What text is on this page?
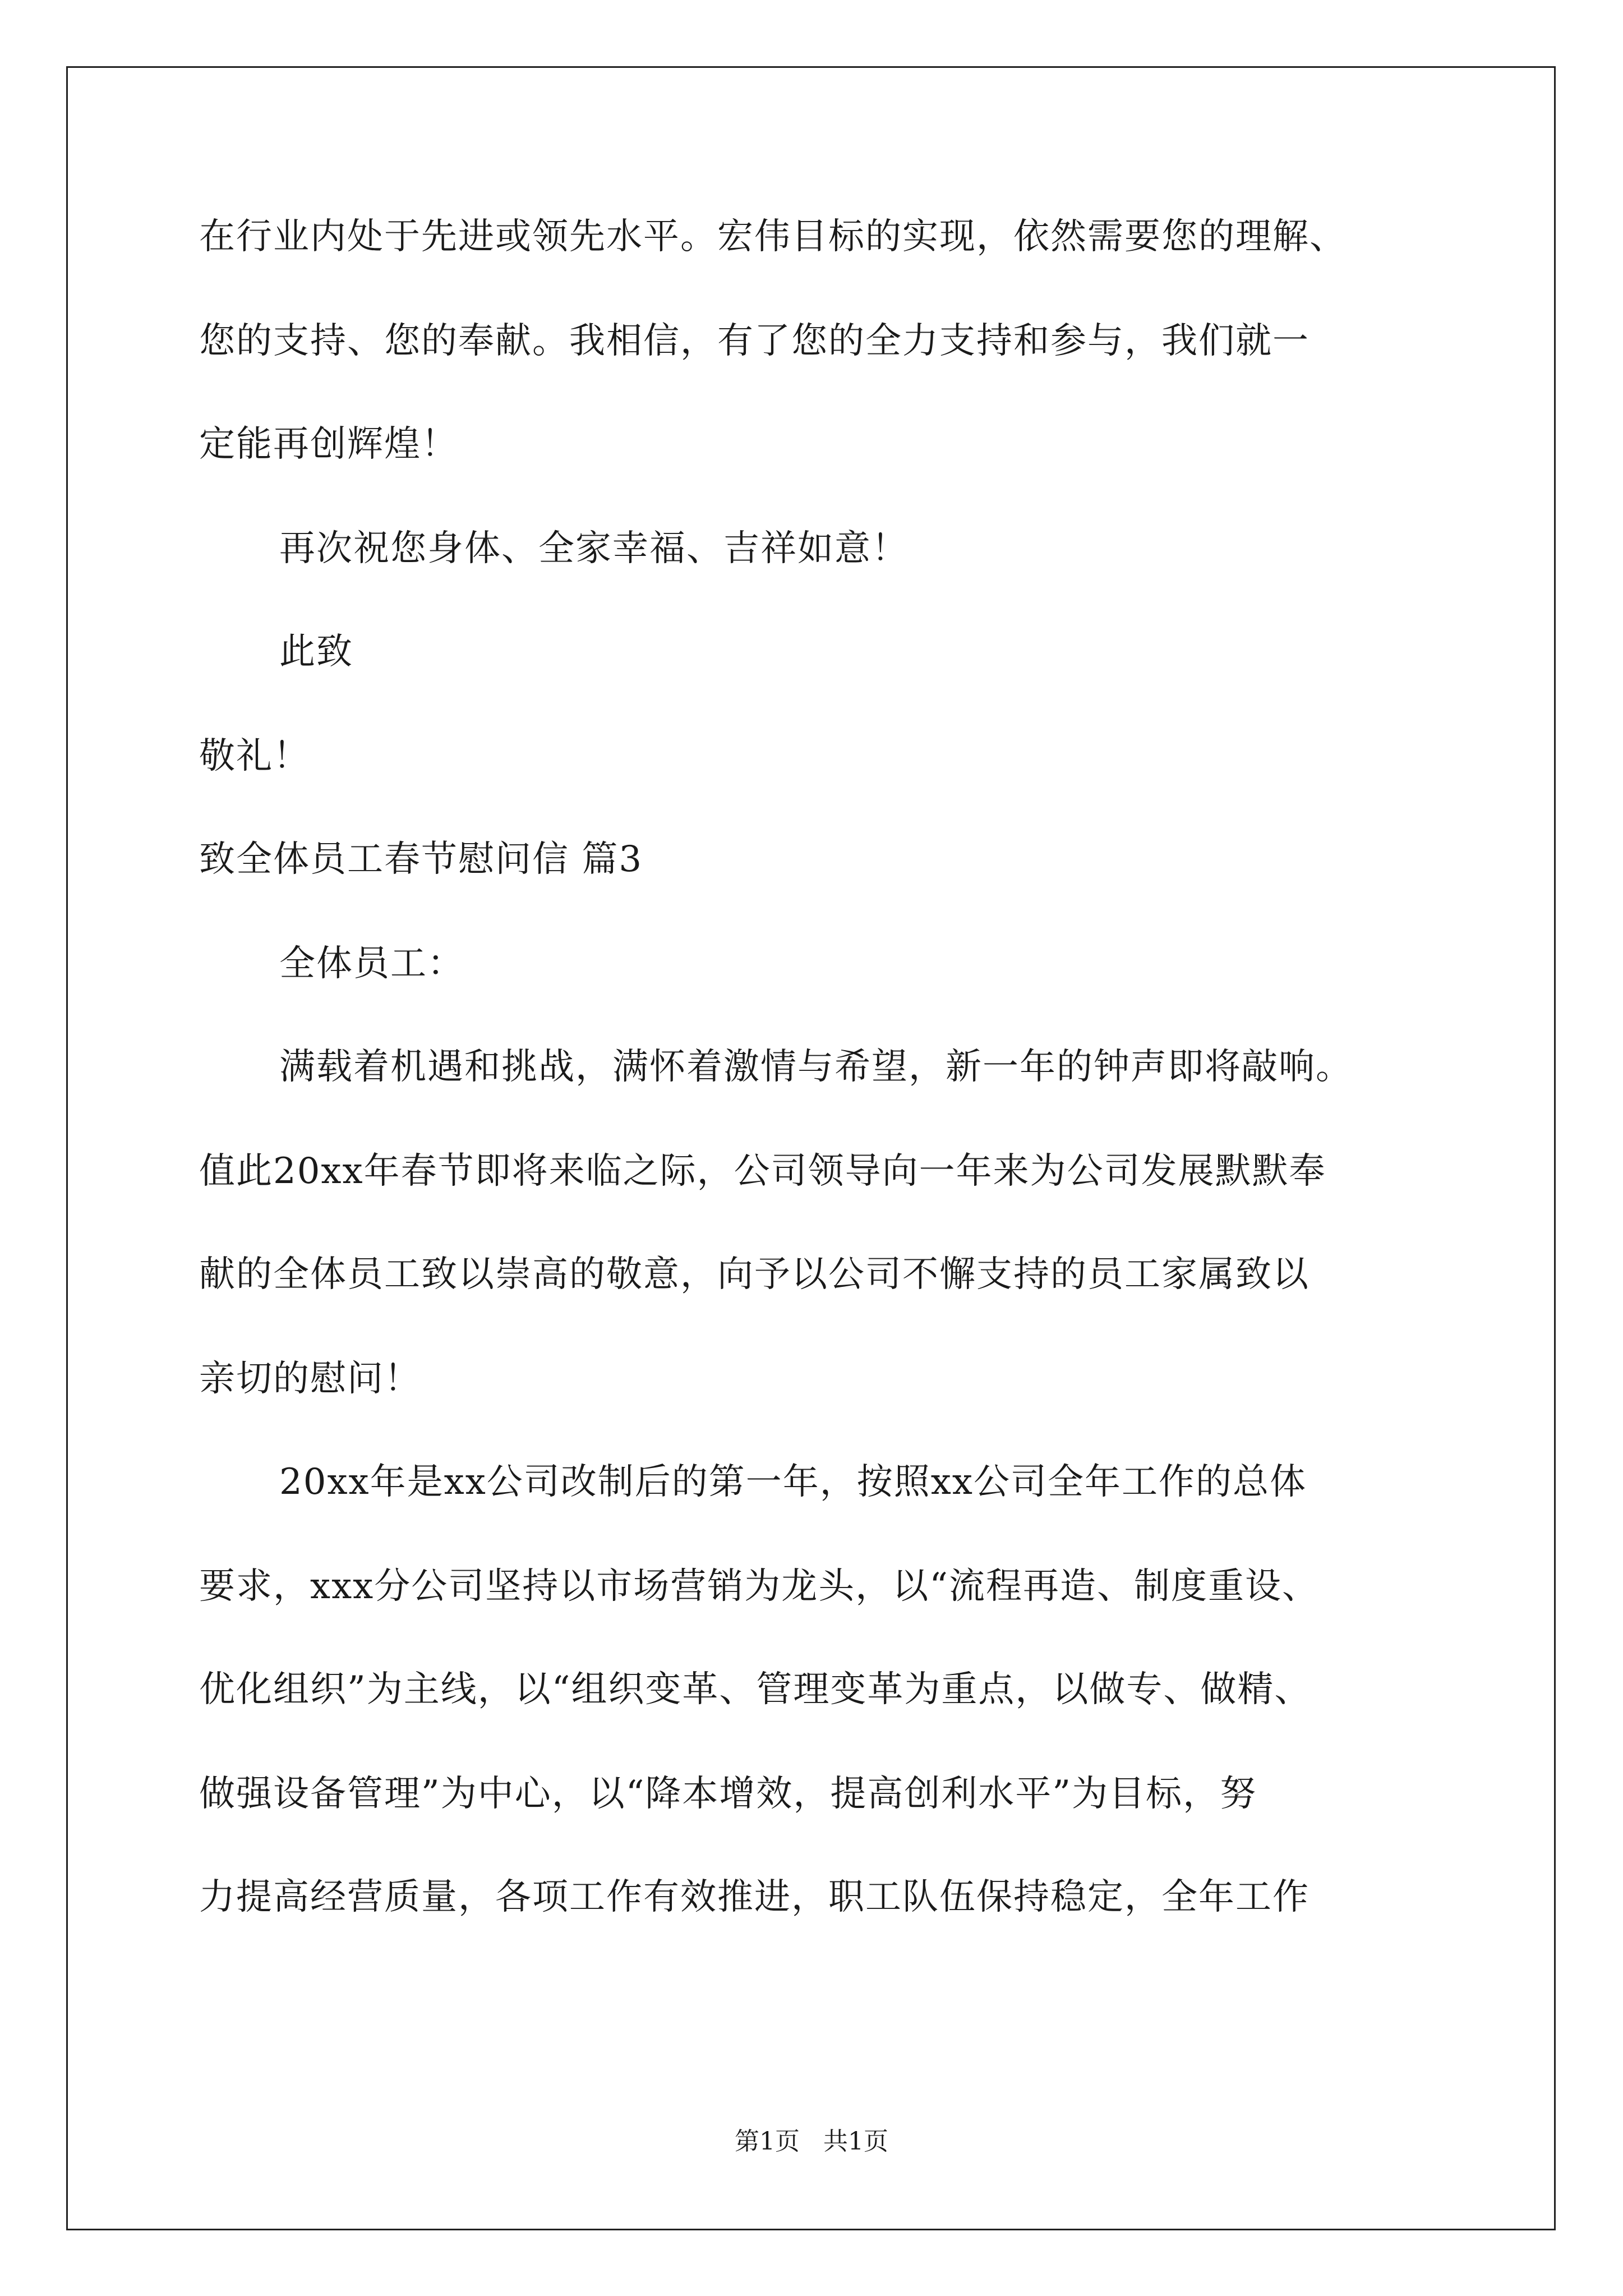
在行业内处于先进或领先水平。宏伟目标的实现，依然需要您的理解、
您的支持、您的奉献。我相信，有了您的全力支持和参与，我们就一
定能再创辉煌！
再次祝您身体、全家幸福、吉祥如意！
此致
敬礼！
致全体员工春节慰问信 篇3
全体员工：
满载着机遇和挑战，满怀着激情与希望，新一年的钟声即将敲响。
值此20xx年春节即将来临之际，公司领导向一年来为公司发展默默奉
献的全体员工致以崇高的敬意，向予以公司不懈支持的员工家属致以
亲切的慰问！
20xx年是xx公司改制后的第一年，按照xx公司全年工作的总体
要求，xxx分公司坚持以市场营销为龙头，以“流程再造、制度重设、
优化组织”为主线，以“组织变革、管理变革为重点，以做专、做精、
做强设备管理”为中心，以“降本增效，提高创利水平”为目标，努
力提高经营质量，各项工作有效推进，职工队伍保持稳定，全年工作
第1页 共1页
